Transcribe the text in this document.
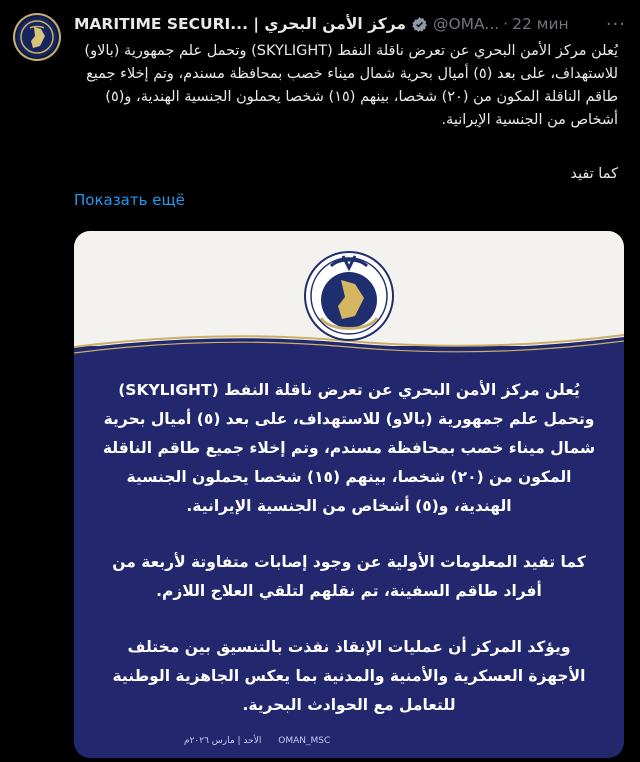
MARITIME SECURI... | مركز الأمن البحري @OMA... · 22 мин ···
يُعلن مركز الأمن البحري عن تعرض ناقلة النفط (SKYLIGHT) وتحمل علم جمهورية (بالاو) للاستهداف، على بعد (٥) أميال بحرية شمال ميناء خصب بمحافظة مسندم، وتم إخلاء جميع طاقم الناقلة المكون من (٢٠) شخصا، بينهم (١٥) شخصا يحملون الجنسية الهندية، و(٥) أشخاص من الجنسية الإيرانية.
كما تفيد
Показать ещё

يُعلن مركز الأمن البحري عن تعرض ناقلة النفط (SKYLIGHT) وتحمل علم جمهورية (بالاو) للاستهداف، على بعد (٥) أميال بحرية شمال ميناء خصب بمحافظة مسندم، وتم إخلاء جميع طاقم الناقلة المكون من (٢٠) شخصا، بينهم (١٥) شخصا يحملون الجنسية الهندية، و(٥) أشخاص من الجنسية الإيرانية.

كما تفيد المعلومات الأولية عن وجود إصابات متفاوتة لأربعة من أفراد طاقم السفينة، تم نقلهم لتلقي العلاج اللازم.

ويؤكد المركز أن عمليات الإنقاذ نفذت بالتنسيق بين مختلف الأجهزة العسكرية والأمنية والمدنية بما يعكس الجاهزية الوطنية للتعامل مع الحوادث البحرية.

الأحد | مارس ٢٠٢٦م OMAN_MSC
